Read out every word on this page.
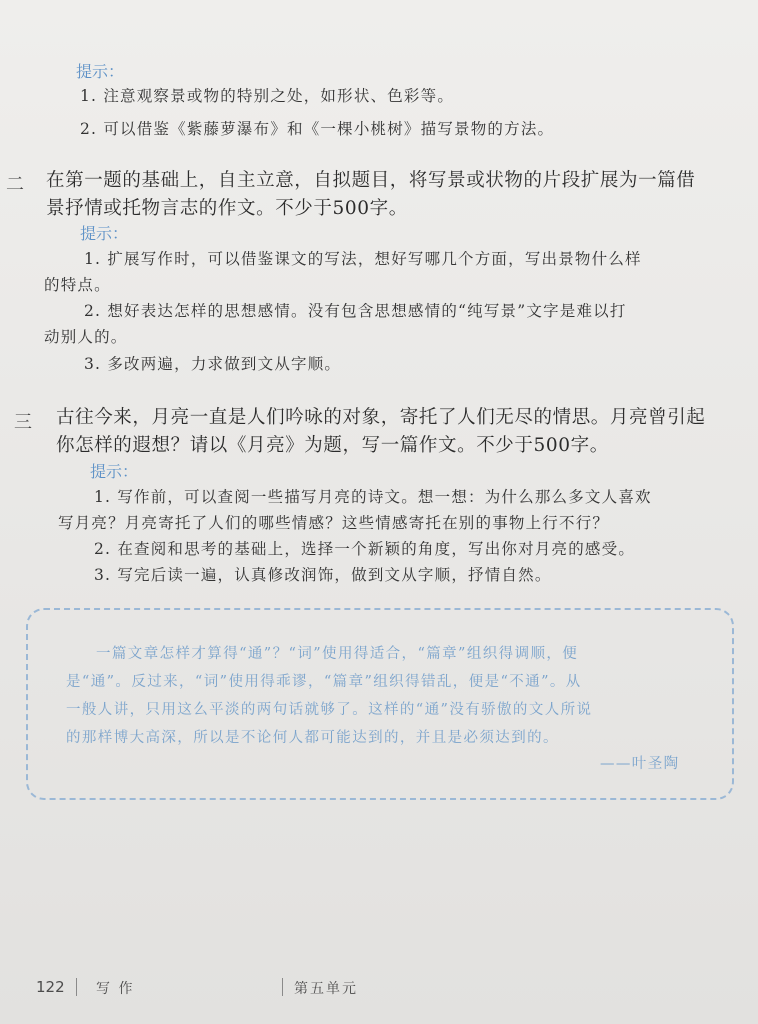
提示：
1. 注意观察景或物的特别之处，如形状、色彩等。
2. 可以借鉴《紫藤萝瀑布》和《一棵小桃树》描写景物的方法。
二 在第一题的基础上，自主立意，自拟题目，将写景或状物的片段扩展为一篇借
景抒情或托物言志的作文。不少于500字。
提示：
1. 扩展写作时，可以借鉴课文的写法，想好写哪几个方面，写出景物什么样
的特点。
2. 想好表达怎样的思想感情。没有包含思想感情的“纯写景”文字是难以打
动别人的。
3. 多改两遍，力求做到文从字顺。
三 古往今来，月亮一直是人们吟咏的对象，寄托了人们无尽的情思。月亮曾引起
你怎样的遐想？请以《月亮》为题，写一篇作文。不少于500字。
提示：
1. 写作前，可以查阅一些描写月亮的诗文。想一想：为什么那么多文人喜欢
写月亮？月亮寄托了人们的哪些情感？这些情感寄托在别的事物上行不行？
2. 在查阅和思考的基础上，选择一个新颖的角度，写出你对月亮的感受。
3. 写完后读一遍，认真修改润饰，做到文从字顺，抒情自然。
一篇文章怎样才算得“通”？“词”使用得适合，“篇章”组织得调顺，便
是“通”。反过来，“词”使用得乖谬，“篇章”组织得错乱，便是“不通”。从
一般人讲，只用这么平淡的两句话就够了。这样的“通”没有骄傲的文人所说
的那样博大高深，所以是不论何人都可能达到的，并且是必须达到的。
——叶圣陶
122 写 作	第五单元
